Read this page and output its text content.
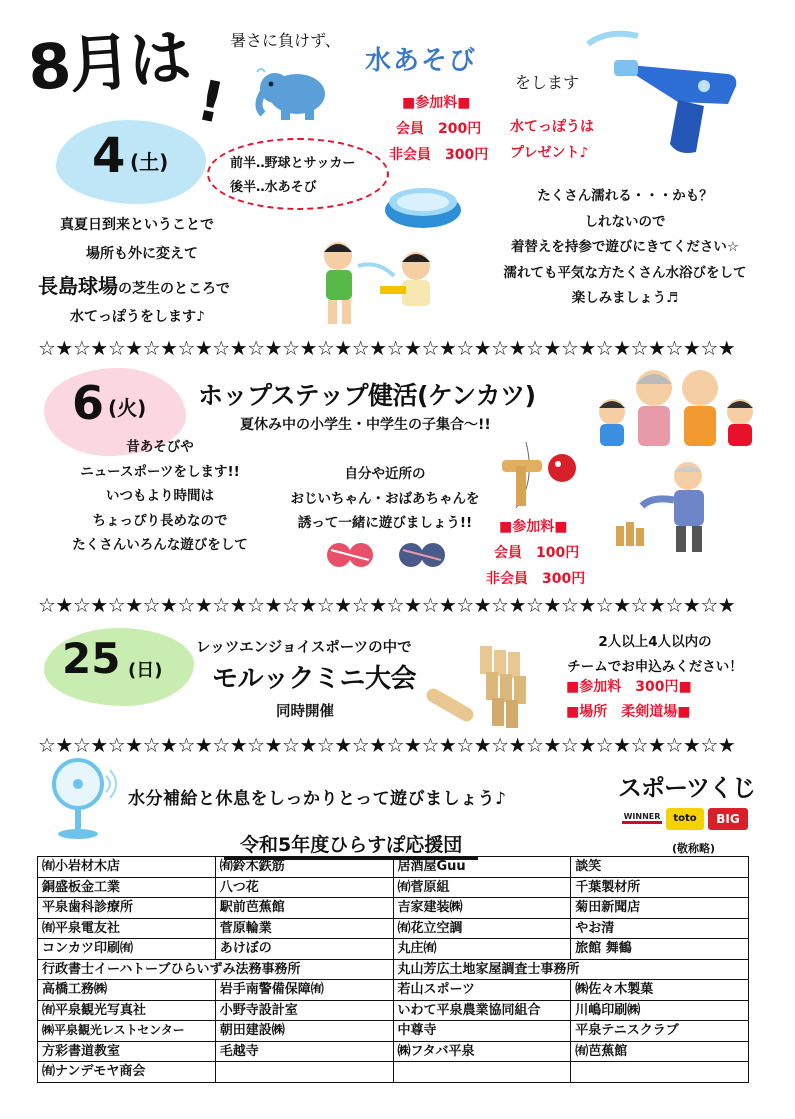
8月は !
暑さに負けず、
水あそび
をします
■参加料■
会員　200円
非会員　300円
水てっぽうは
プレゼント♪
4 (土)	前半‥野球とサッカー
後半‥水あそび
真夏日到来ということで
場所も外に変えて
長島球場の芝生のところで
水てっぽうをします♪
たくさん濡れる・・・かも？
しれないので
着替えを持参で遊びにきてください☆
濡れても平気な方たくさん水浴びをして
楽しみましょう♬
☆★☆★☆★☆★☆★☆★☆★☆★☆★☆★☆★☆★☆★☆★☆★☆★☆★☆★☆★☆★
6 (火) ホップステップ健活(ケンカツ)
夏休み中の小学生・中学生の子集合～!!
昔あそびや
ニュースポーツをします!!
いつもより時間は
ちょっぴり長めなので
たくさんいろんな遊びをして
自分や近所の
おじいちゃん・おばあちゃんを
誘って一緒に遊びましょう!!	■参加料■
会員　100円
非会員　300円
☆★☆★☆★☆★☆★☆★☆★☆★☆★☆★☆★☆★☆★☆★☆★☆★☆★☆★☆★☆★
25 (日)
レッツエンジョイスポーツの中で
モルックミニ大会
同時開催
2人以上4人以内の
チームでお申込みください！
■参加料　300円■
■場所　柔剣道場■
☆★☆★☆★☆★☆★☆★☆★☆★☆★☆★☆★☆★☆★☆★☆★☆★☆★☆★☆★☆★
水分補給と休息をしっかりとって遊びましょう♪	スポーツくじ
WINNER	toto	BIG
令和5年度ひらすぽ応援団	(敬称略)
㈲小岩材木店	㈲鈴木鉄筋	居酒屋Guu	談笑
銅盛板金工業	八つ花	㈲菅原組	千葉製材所
平泉歯科診療所	駅前芭蕉館	吉家建装㈱	菊田新聞店
㈲平泉電友社	菅原輪業	㈲花立空調	やお清
コンカツ印刷㈲	あけぼの	丸庄㈲	旅館 舞鶴
行政書士イーハトーブひらいずみ法務事務所		丸山芳広土地家屋調査士事務所	
高橋工務㈱	岩手南警備保障㈲	若山スポーツ	㈱佐々木製菓
㈲平泉観光写真社	小野寺設計室	いわて平泉農業協同組合	川嶋印刷㈱
㈱平泉観光レストセンター	朝田建設㈱	中尊寺	平泉テニスクラブ
方彩書道教室	毛越寺	㈱フタバ平泉	㈲芭蕉館
㈲ナンデモヤ商会			
